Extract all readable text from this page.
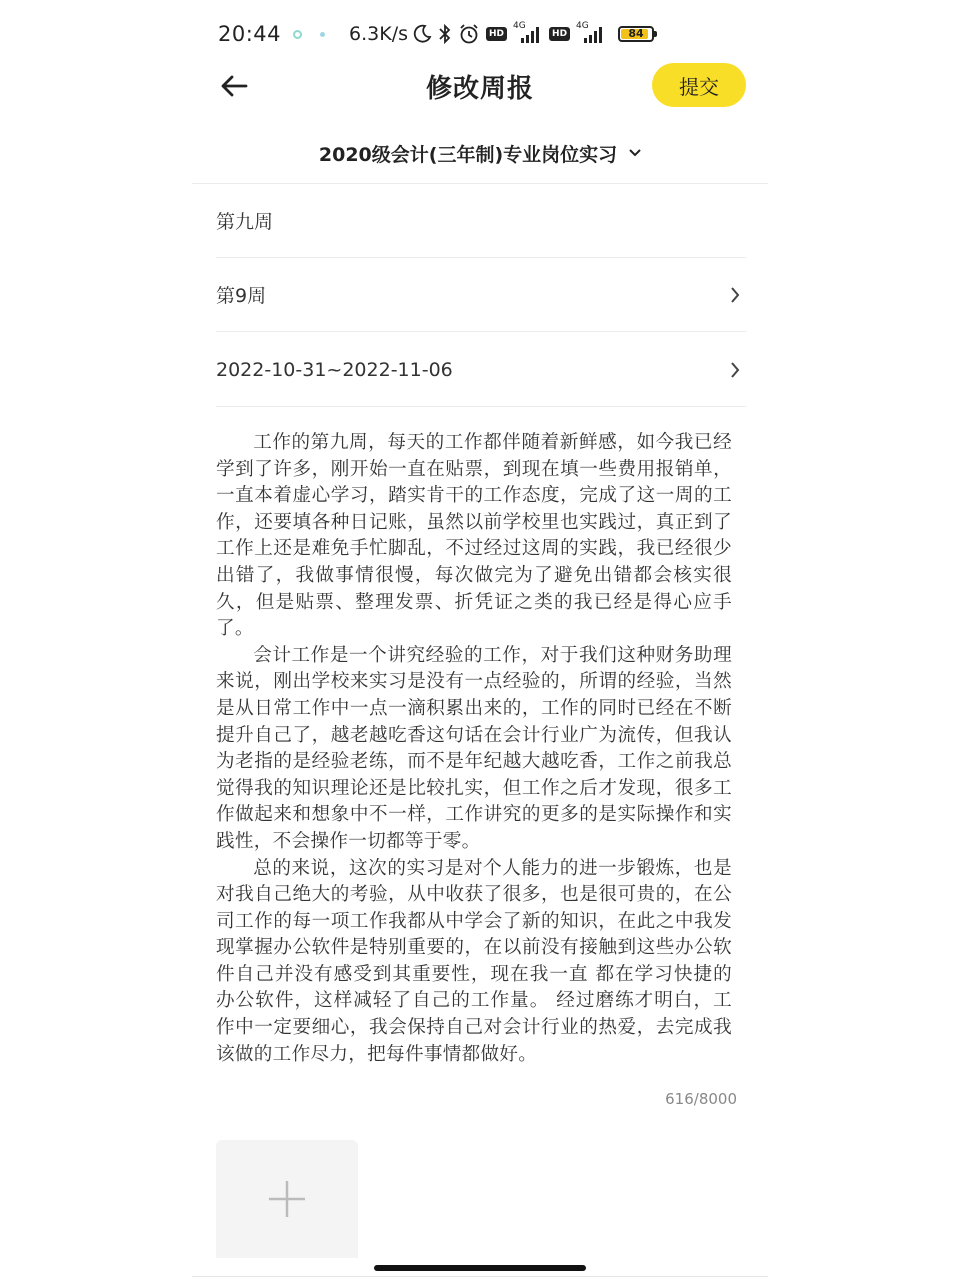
20:44	6.3K/s	HD
4G
HD
4G
84
修改周报	提交
2020级会计(三年制)专业岗位实习
第九周
第9周
2022-10-31~2022-11-06

工作的第九周，每天的工作都伴随着新鲜感，如今我已经学到了许多，刚开始一直在贴票，到现在填一些费用报销单，一直本着虚心学习，踏实肯干的工作态度，完成了这一周的工作，还要填各种日记账，虽然以前学校里也实践过，真正到了工作上还是难免手忙脚乱，不过经过这周的实践，我已经很少出错了，我做事情很慢，每次做完为了避免出错都会核实很久，但是贴票、整理发票、折凭证之类的我已经是得心应手了。

会计工作是一个讲究经验的工作，对于我们这种财务助理来说，刚出学校来实习是没有一点经验的，所谓的经验，当然是从日常工作中一点一滴积累出来的，工作的同时已经在不断提升自己了，越老越吃香这句话在会计行业广为流传，但我认为老指的是经验老练，而不是年纪越大越吃香，工作之前我总觉得我的知识理论还是比较扎实，但工作之后才发现，很多工作做起来和想象中不一样，工作讲究的更多的是实际操作和实践性，不会操作一切都等于零。

总的来说，这次的实习是对个人能力的进一步锻炼，也是对我自己绝大的考验，从中收获了很多，也是很可贵的，在公司工作的每一项工作我都从中学会了新的知识，在此之中我发现掌握办公软件是特别重要的，在以前没有接触到这些办公软件自己并没有感受到其重要性，现在我一直 都在学习快捷的办公软件，这样减轻了自己的工作量。 经过磨练才明白，工作中一定要细心，我会保持自己对会计行业的热爱，去完成我该做的工作尽力，把每件事情都做好。

616/8000
